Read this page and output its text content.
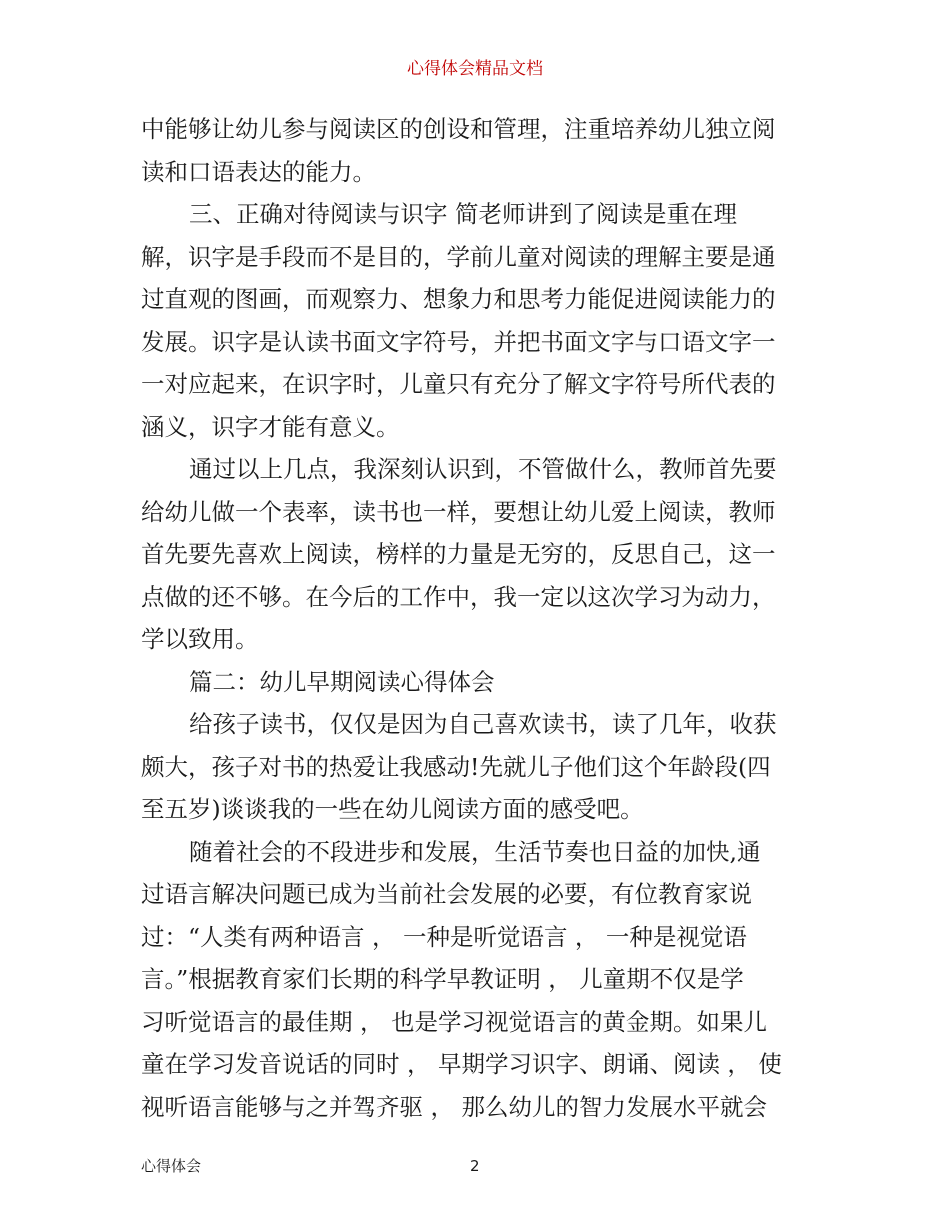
心得体会精品文档
中能够让幼儿参与阅读区的创设和管理，注重培养幼儿独立阅
读和口语表达的能力。
三、正确对待阅读与识字 简老师讲到了阅读是重在理
解，识字是手段而不是目的，学前儿童对阅读的理解主要是通
过直观的图画，而观察力、想象力和思考力能促进阅读能力的
发展。识字是认读书面文字符号，并把书面文字与口语文字一
一对应起来，在识字时，儿童只有充分了解文字符号所代表的
涵义，识字才能有意义。
通过以上几点，我深刻认识到，不管做什么，教师首先要
给幼儿做一个表率，读书也一样，要想让幼儿爱上阅读，教师
首先要先喜欢上阅读，榜样的力量是无穷的，反思自己，这一
点做的还不够。在今后的工作中，我一定以这次学习为动力，
学以致用。
篇二：幼儿早期阅读心得体会
给孩子读书，仅仅是因为自己喜欢读书，读了几年，收获
颇大，孩子对书的热爱让我感动!先就儿子他们这个年龄段(四
至五岁)谈谈我的一些在幼儿阅读方面的感受吧。
随着社会的不段进步和发展，生活节奏也日益的加快,通
过语言解决问题已成为当前社会发展的必要，有位教育家说
过：“人类有两种语言 ， 一种是听觉语言 ， 一种是视觉语
言。”根据教育家们长期的科学早教证明 ， 儿童期不仅是学
习听觉语言的最佳期 ， 也是学习视觉语言的黄金期。如果儿
童在学习发音说话的同时 ， 早期学习识字、朗诵、阅读 ， 使
视听语言能够与之并驾齐驱 ， 那么幼儿的智力发展水平就会
心得体会	2
